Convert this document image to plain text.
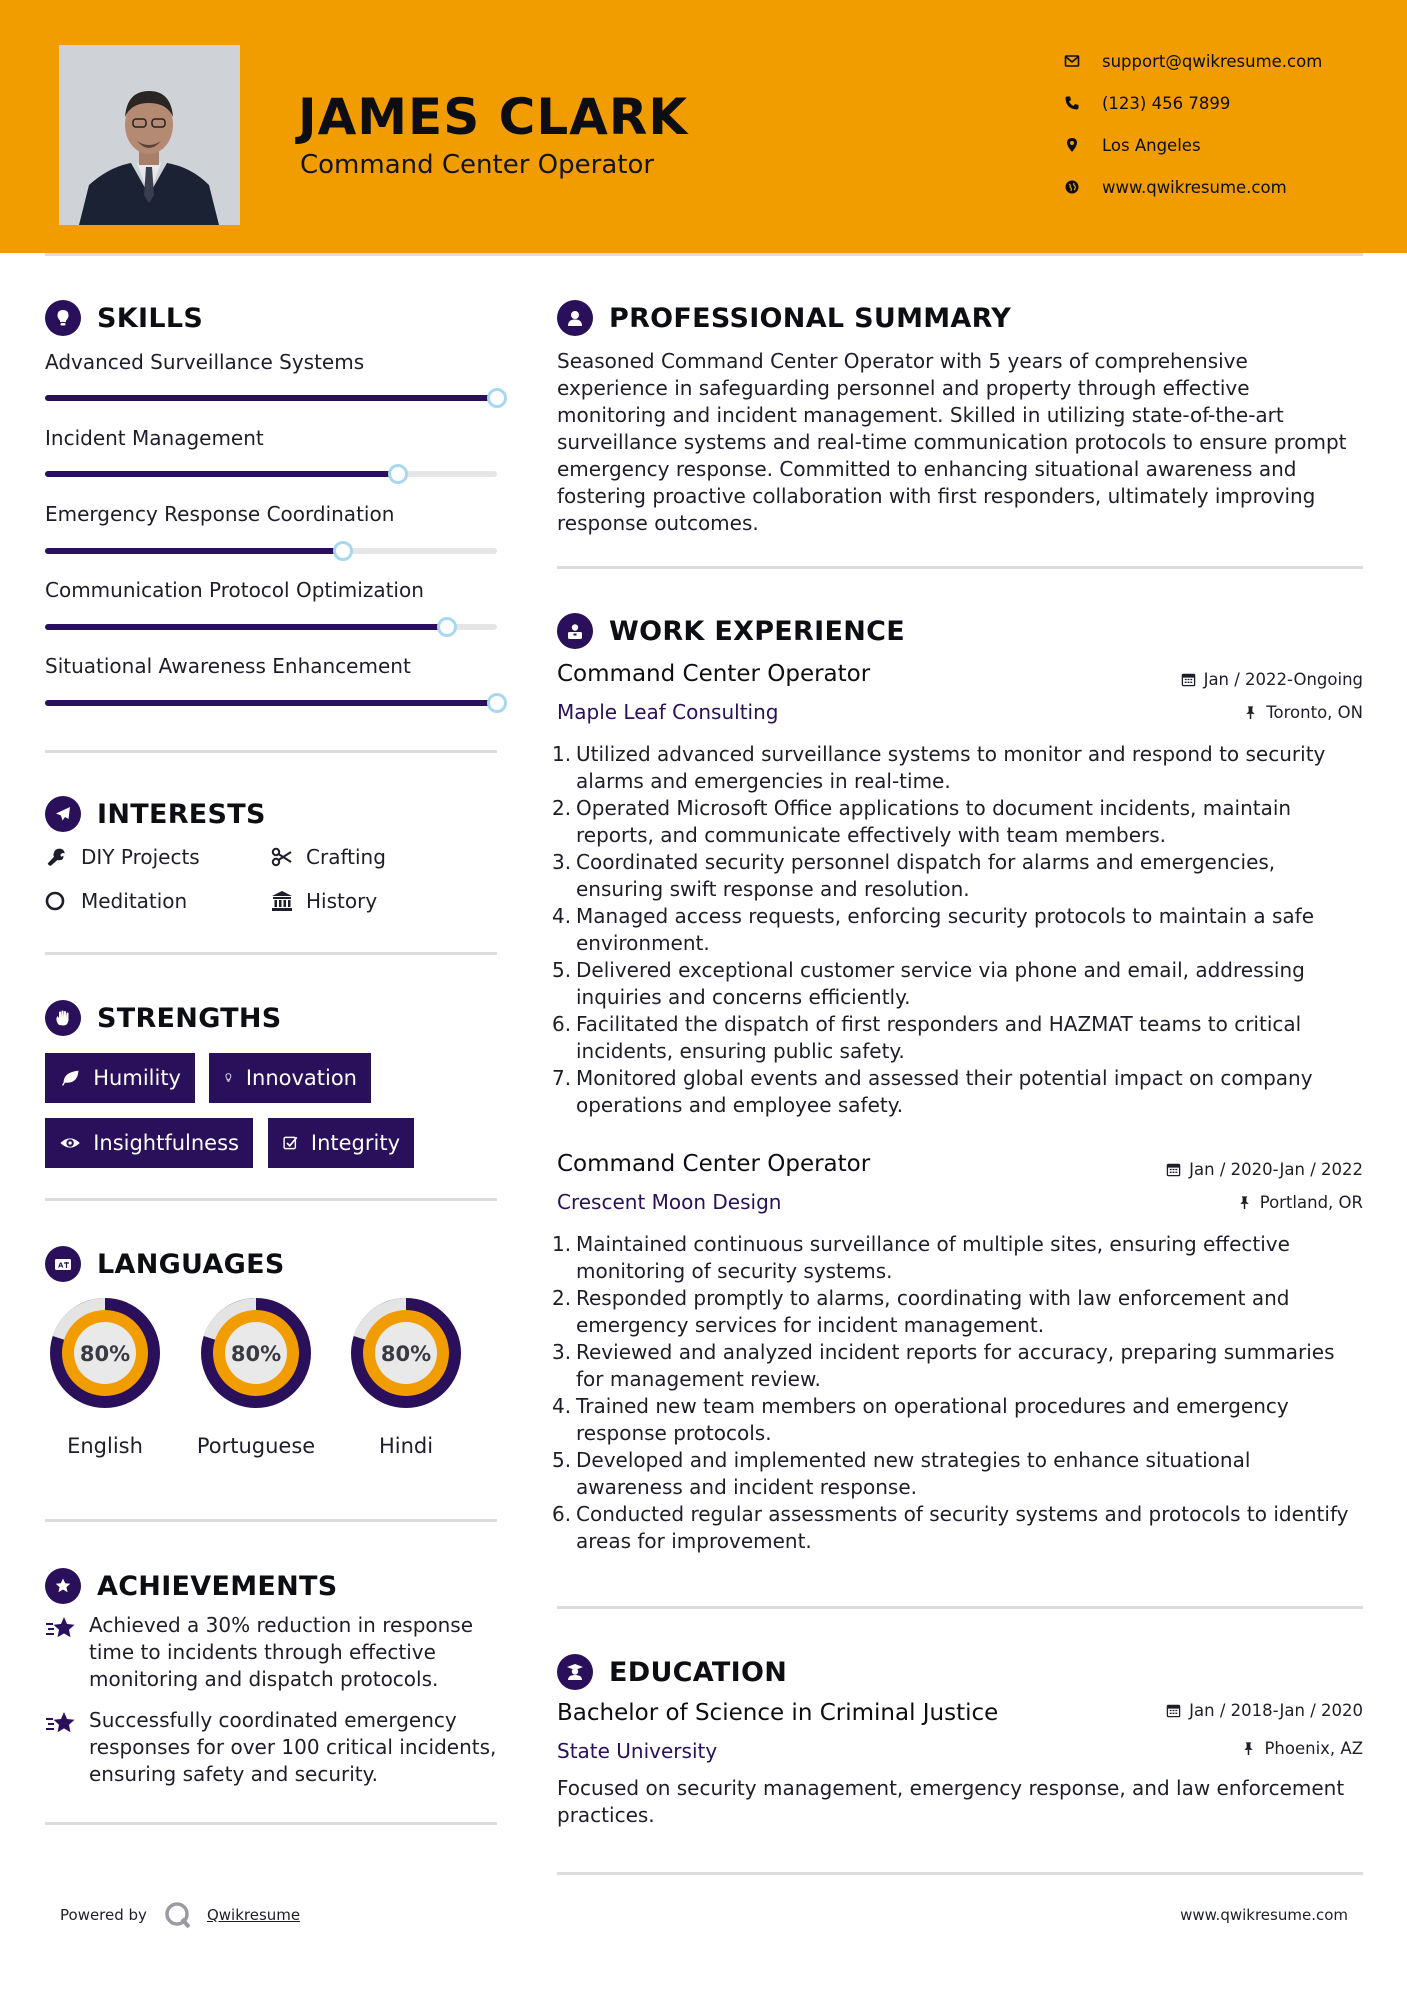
JAMES CLARK
Command Center Operator
support@qwikresume.com
(123) 456 7899
Los Angeles
www.qwikresume.com
SKILLS
Advanced Surveillance Systems
Incident Management
Emergency Response Coordination
Communication Protocol Optimization
Situational Awareness Enhancement
INTERESTS
DIY Projects	Crafting
Meditation	History
STRENGTHS
Humility	Innovation
Insightfulness	Integrity
A LANGUAGES
80%
English
80%
Portuguese
80%
Hindi
ACHIEVEMENTS

Achieved a 30% reduction in response time to incidents through effective monitoring and dispatch protocols.

Successfully coordinated emergency responses for over 100 critical incidents, ensuring safety and security.

PROFESSIONAL SUMMARY

Seasoned Command Center Operator with 5 years of comprehensive experience in safeguarding personnel and property through effective monitoring and incident management. Skilled in utilizing state-of-the-art surveillance systems and real-time communication protocols to ensure prompt emergency response. Committed to enhancing situational awareness and fostering proactive collaboration with first responders, ultimately improving response outcomes.

WORK EXPERIENCE
Command Center Operator	Jan / 2022-Ongoing
Maple Leaf Consulting	Toronto, ON
1. Utilized advanced surveillance systems to monitor and respond to security alarms and emergencies in real-time.
2. Operated Microsoft Office applications to document incidents, maintain reports, and communicate effectively with team members.
3. Coordinated security personnel dispatch for alarms and emergencies, ensuring swift response and resolution.
4. Managed access requests, enforcing security protocols to maintain a safe environment.
5. Delivered exceptional customer service via phone and email, addressing inquiries and concerns efficiently.
6. Facilitated the dispatch of first responders and HAZMAT teams to critical incidents, ensuring public safety.
7. Monitored global events and assessed their potential impact on company operations and employee safety.
Command Center Operator	Jan / 2020-Jan / 2022
Crescent Moon Design	Portland, OR
1. Maintained continuous surveillance of multiple sites, ensuring effective monitoring of security systems.
2. Responded promptly to alarms, coordinating with law enforcement and emergency services for incident management.
3. Reviewed and analyzed incident reports for accuracy, preparing summaries for management review.
4. Trained new team members on operational procedures and emergency response protocols.
5. Developed and implemented new strategies to enhance situational awareness and incident response.
6. Conducted regular assessments of security systems and protocols to identify areas for improvement.
EDUCATION
Bachelor of Science in Criminal Justice	Jan / 2018-Jan / 2020
State University	Phoenix, AZ

Focused on security management, emergency response, and law enforcement practices.

Powered by	Qwikresume	www.qwikresume.com
